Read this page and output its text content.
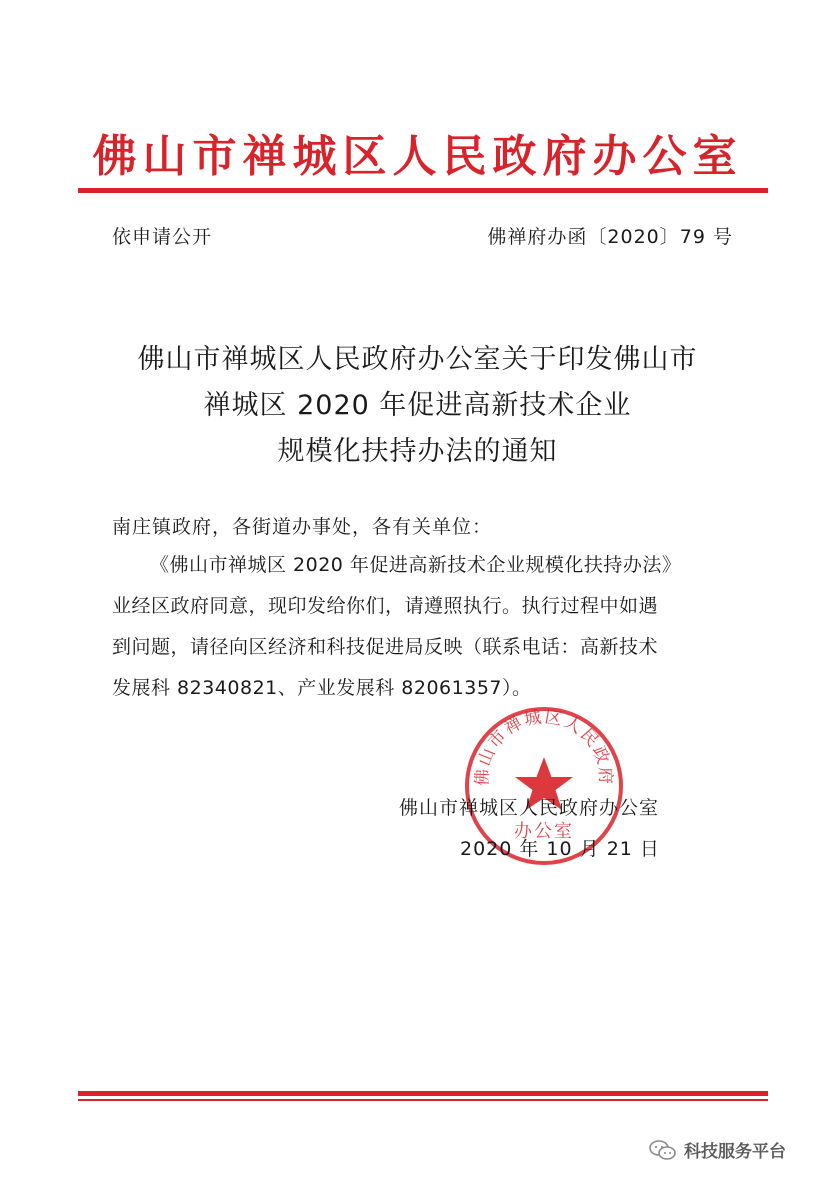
佛山市禅城区人民政府办公室
依申请公开	佛禅府办函〔2020〕79 号
佛山市禅城区人民政府办公室关于印发佛山市
禅城区 2020 年促进高新技术企业
规模化扶持办法的通知
南庄镇政府，各街道办事处，各有关单位：
《佛山市禅城区 2020 年促进高新技术企业规模化扶持办法》
业经区政府同意，现印发给你们，请遵照执行。执行过程中如遇
到问题，请径向区经济和科技促进局反映（联系电话：高新技术
发展科 82340821、产业发展科 82061357）。
佛山市禅城区人民政府
办公室
佛山市禅城区人民政府办公室
2020 年 10 月 21 日
科技服务平台
